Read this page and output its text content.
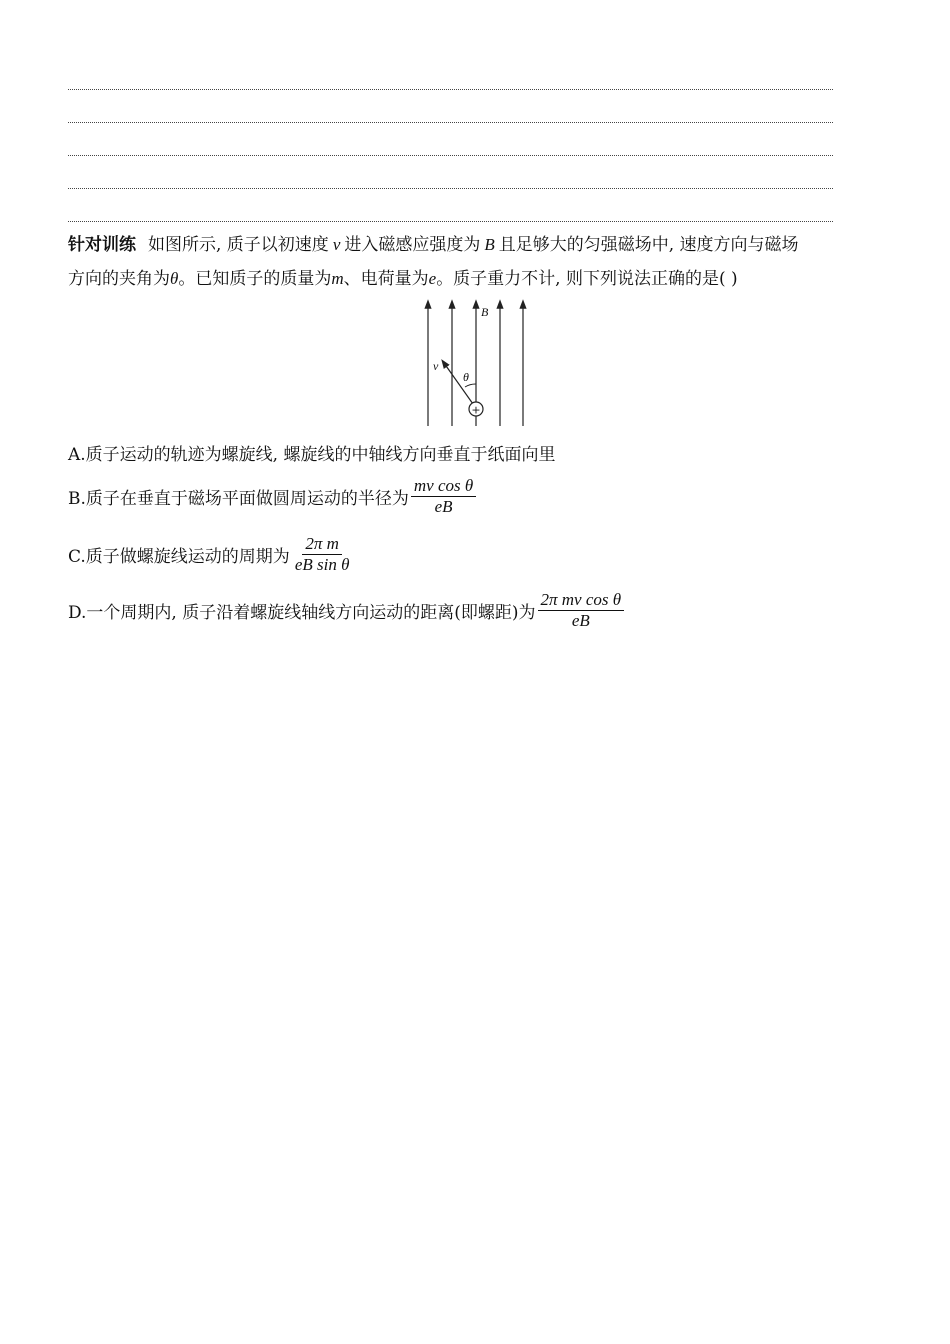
针对训练 如图所示, 质子以初速度 v 进入磁感应强度为 B 且足够大的匀强磁场中, 速度方向与磁场
方向的夹角为θ。已知质子的质量为m、电荷量为e。质子重力不计, 则下列说法正确的是( )
B
v
θ
+
A.质子运动的轨迹为螺旋线, 螺旋线的中轴线方向垂直于纸面向里
B.质子在垂直于磁场平面做圆周运动的半径为 $\frac{\text{mv cos θ}}{eB}$
C.质子做螺旋线运动的周期为 $\frac{\text{2π m}}{\text{eB sin θ}}$
D.一个周期内, 质子沿着螺旋线轴线方向运动的距离(即螺距)为 $\frac{\text{2π mv cos θ}}{eB}$
